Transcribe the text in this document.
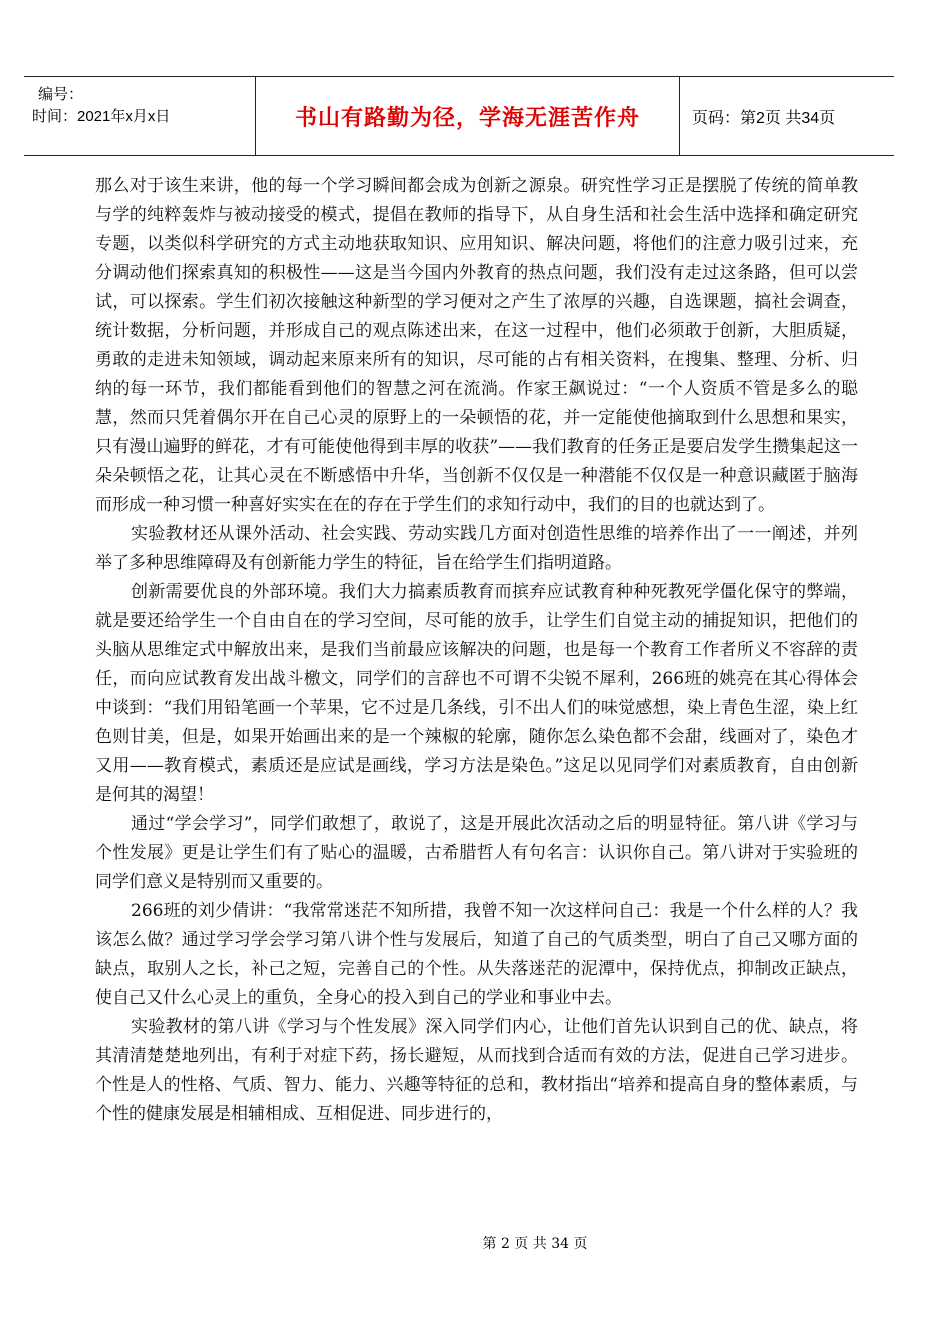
编号：
时间：2021年x月x日	书山有路勤为径，学海无涯苦作舟	页码：第2页 共34页

那么对于该生来讲，他的每一个学习瞬间都会成为创新之源泉。研究性学习正是摆脱了传统的简单教与学的纯粹轰炸与被动接受的模式，提倡在教师的指导下，从自身生活和社会生活中选择和确定研究专题，以类似科学研究的方式主动地获取知识、应用知识、解决问题，将他们的注意力吸引过来，充分调动他们探索真知的积极性——这是当今国内外教育的热点问题，我们没有走过这条路，但可以尝试，可以探索。学生们初次接触这种新型的学习便对之产生了浓厚的兴趣，自选课题，搞社会调查，统计数据，分析问题，并形成自己的观点陈述出来，在这一过程中，他们必须敢于创新，大胆质疑，勇敢的走进未知领域，调动起来原来所有的知识，尽可能的占有相关资料，在搜集、整理、分析、归纳的每一环节，我们都能看到他们的智慧之河在流淌。作家王飙说过：“一个人资质不管是多么的聪慧，然而只凭着偶尔开在自己心灵的原野上的一朵顿悟的花，并一定能使他摘取到什么思想和果实，只有漫山遍野的鲜花，才有可能使他得到丰厚的收获”——我们教育的任务正是要启发学生攒集起这一朵朵顿悟之花，让其心灵在不断感悟中升华，当创新不仅仅是一种潜能不仅仅是一种意识藏匿于脑海而形成一种习惯一种喜好实实在在的存在于学生们的求知行动中，我们的目的也就达到了。

实验教材还从课外活动、社会实践、劳动实践几方面对创造性思维的培养作出了一一阐述，并列举了多种思维障碍及有创新能力学生的特征，旨在给学生们指明道路。

创新需要优良的外部环境。我们大力搞素质教育而摈弃应试教育种种死教死学僵化保守的弊端，就是要还给学生一个自由自在的学习空间，尽可能的放手，让学生们自觉主动的捕捉知识，把他们的头脑从思维定式中解放出来，是我们当前最应该解决的问题，也是每一个教育工作者所义不容辞的责任，而向应试教育发出战斗檄文，同学们的言辞也不可谓不尖锐不犀利，266班的姚亮在其心得体会中谈到：“我们用铅笔画一个苹果，它不过是几条线，引不出人们的味觉感想，染上青色生涩，染上红色则甘美，但是，如果开始画出来的是一个辣椒的轮廓，随你怎么染色都不会甜，线画对了，染色才又用——教育模式，素质还是应试是画线，学习方法是染色。”这足以见同学们对素质教育，自由创新是何其的渴望！

通过“学会学习”，同学们敢想了，敢说了，这是开展此次活动之后的明显特征。第八讲《学习与个性发展》更是让学生们有了贴心的温暖，古希腊哲人有句名言：认识你自己。第八讲对于实验班的同学们意义是特别而又重要的。

266班的刘少倩讲：“我常常迷茫不知所措，我曾不知一次这样问自己：我是一个什么样的人？我该怎么做？通过学习学会学习第八讲个性与发展后，知道了自己的气质类型，明白了自己又哪方面的缺点，取别人之长，补己之短，完善自己的个性。从失落迷茫的泥潭中，保持优点，抑制改正缺点，使自己又什么心灵上的重负，全身心的投入到自己的学业和事业中去。

实验教材的第八讲《学习与个性发展》深入同学们内心，让他们首先认识到自己的优、缺点，将其清清楚楚地列出，有利于对症下药，扬长避短，从而找到合适而有效的方法，促进自己学习进步。个性是人的性格、气质、智力、能力、兴趣等特征的总和，教材指出“培养和提高自身的整体素质，与个性的健康发展是相辅相成、互相促进、同步进行的，

第 2 页 共 34 页
